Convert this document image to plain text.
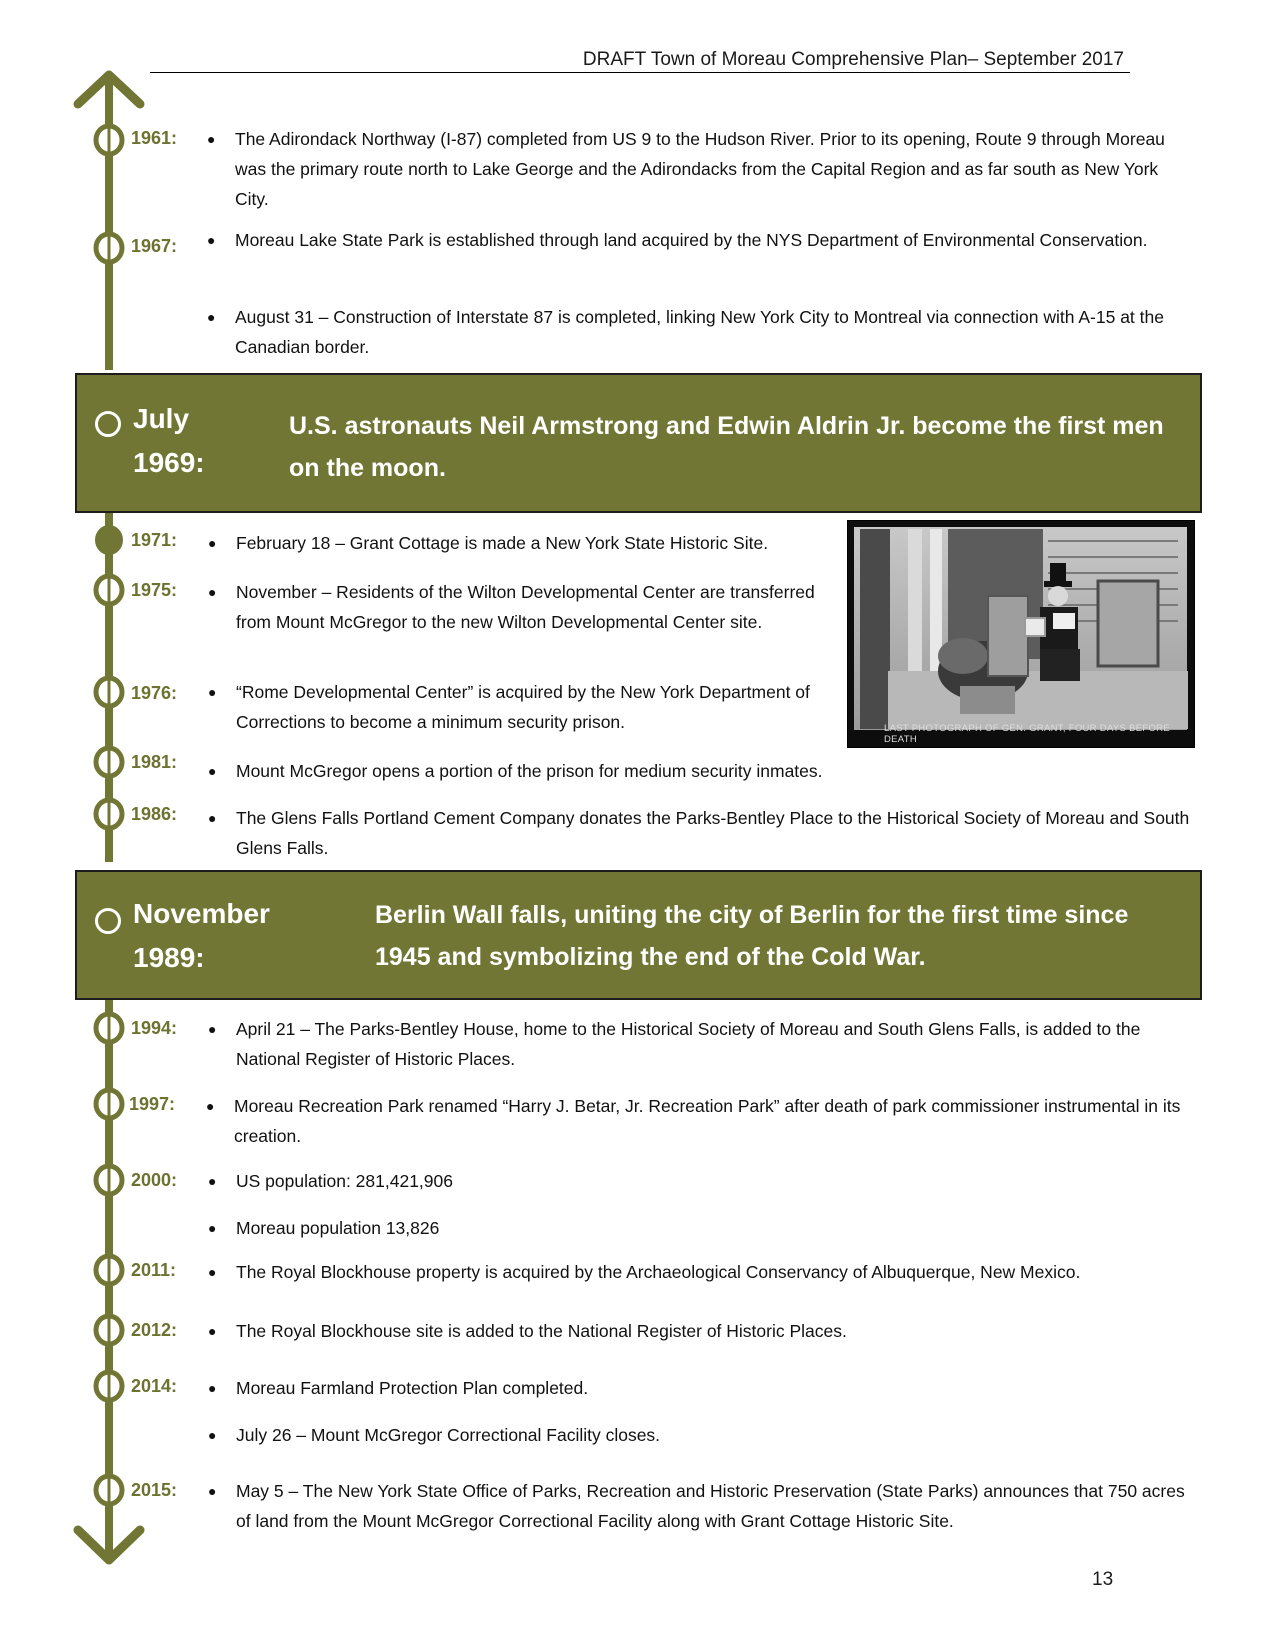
DRAFT Town of Moreau Comprehensive Plan– September 2017
1961: ● The Adirondack Northway (I-87) completed from US 9 to the Hudson River. Prior to its opening, Route 9 through Moreau was the primary route north to Lake George and the Adirondacks from the Capital Region and as far south as New York City.
1967: ● Moreau Lake State Park is established through land acquired by the NYS Department of Environmental Conservation.
● August 31 – Construction of Interstate 87 is completed, linking New York City to Montreal via connection with A-15 at the Canadian border.
July
1969:
U.S. astronauts Neil Armstrong and Edwin Aldrin Jr. become the first men on the moon.
1971: ● February 18 – Grant Cottage is made a New York State Historic Site.
1975: ● November – Residents of the Wilton Developmental Center are transferred from Mount McGregor to the new Wilton Developmental Center site.
1976: ● “Rome Developmental Center” is acquired by the New York Department of Corrections to become a minimum security prison.
1981: ● Mount McGregor opens a portion of the prison for medium security inmates.
1986: ● The Glens Falls Portland Cement Company donates the Parks-Bentley Place to the Historical Society of Moreau and South Glens Falls.
November
1989:
Berlin Wall falls, uniting the city of Berlin for the first time since 1945 and symbolizing the end of the Cold War.
1994: ● April 21 – The Parks-Bentley House, home to the Historical Society of Moreau and South Glens Falls, is added to the National Register of Historic Places.
1997: ● Moreau Recreation Park renamed “Harry J. Betar, Jr. Recreation Park” after death of park commissioner instrumental in its creation.
2000: ● US population: 281,421,906
● Moreau population 13,826
2011: ● The Royal Blockhouse property is acquired by the Archaeological Conservancy of Albuquerque, New Mexico.
2012: ● The Royal Blockhouse site is added to the National Register of Historic Places.
2014: ● Moreau Farmland Protection Plan completed.
● July 26 – Mount McGregor Correctional Facility closes.
2015: ● May 5 – The New York State Office of Parks, Recreation and Historic Preservation (State Parks) announces that 750 acres of land from the Mount McGregor Correctional Facility along with Grant Cottage Historic Site.
LAST PHOTOGRAPH OF GEN. GRANT, FOUR DAYS BEFORE DEATH
13
